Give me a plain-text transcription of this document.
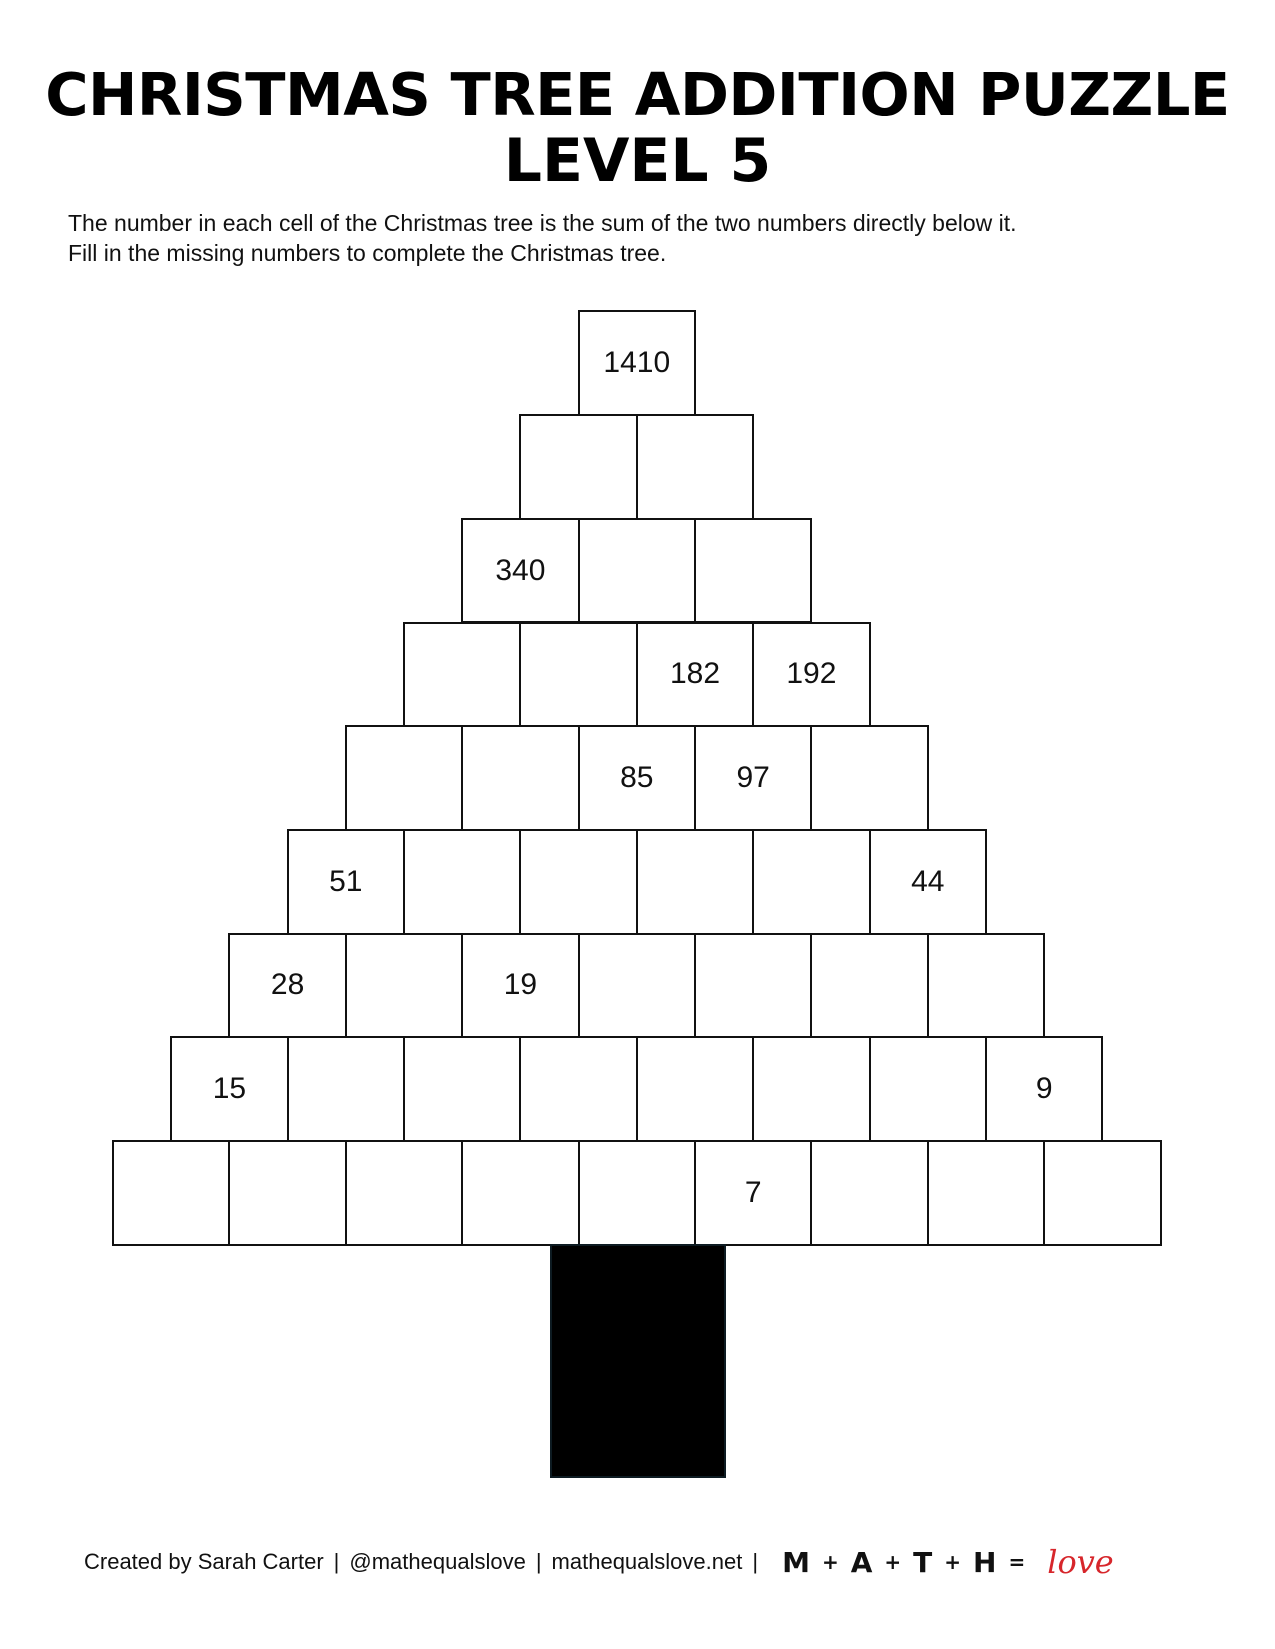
CHRISTMAS TREE ADDITION PUZZLE
LEVEL 5
The number in each cell of the Christmas tree is the sum of the two numbers directly below it.
Fill in the missing numbers to complete the Christmas tree.
1410
340
182	192
85	97
51	44
28	19
15	9
7
Created by Sarah Carter | @mathequalslove | mathequalslove.net | M + A + T + H = love
